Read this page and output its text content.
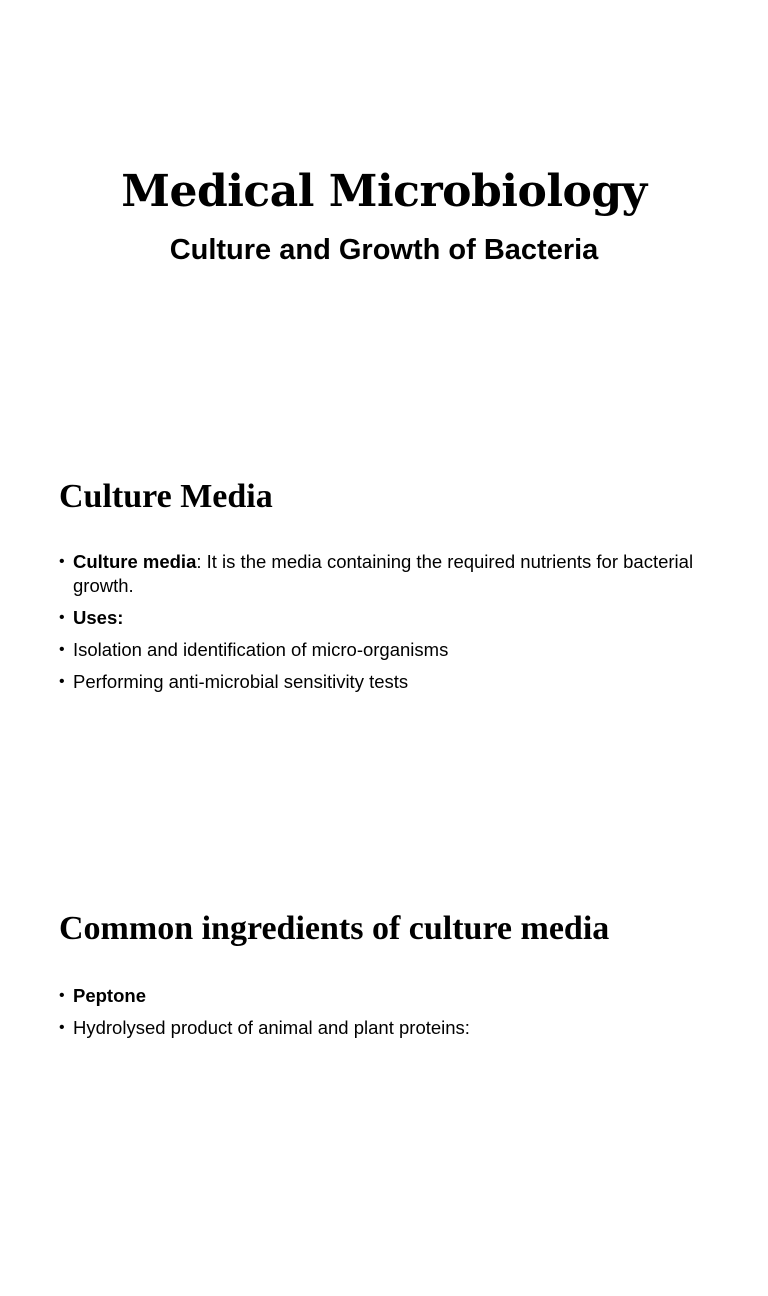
Medical Microbiology
Culture and Growth of Bacteria
Culture Media
• Culture media: It is the media containing the required nutrients for bacterial growth.
• Uses:
• Isolation and identification of micro-organisms
• Performing anti-microbial sensitivity tests
Common ingredients of culture media
• Peptone
• Hydrolysed product of animal and plant proteins:
